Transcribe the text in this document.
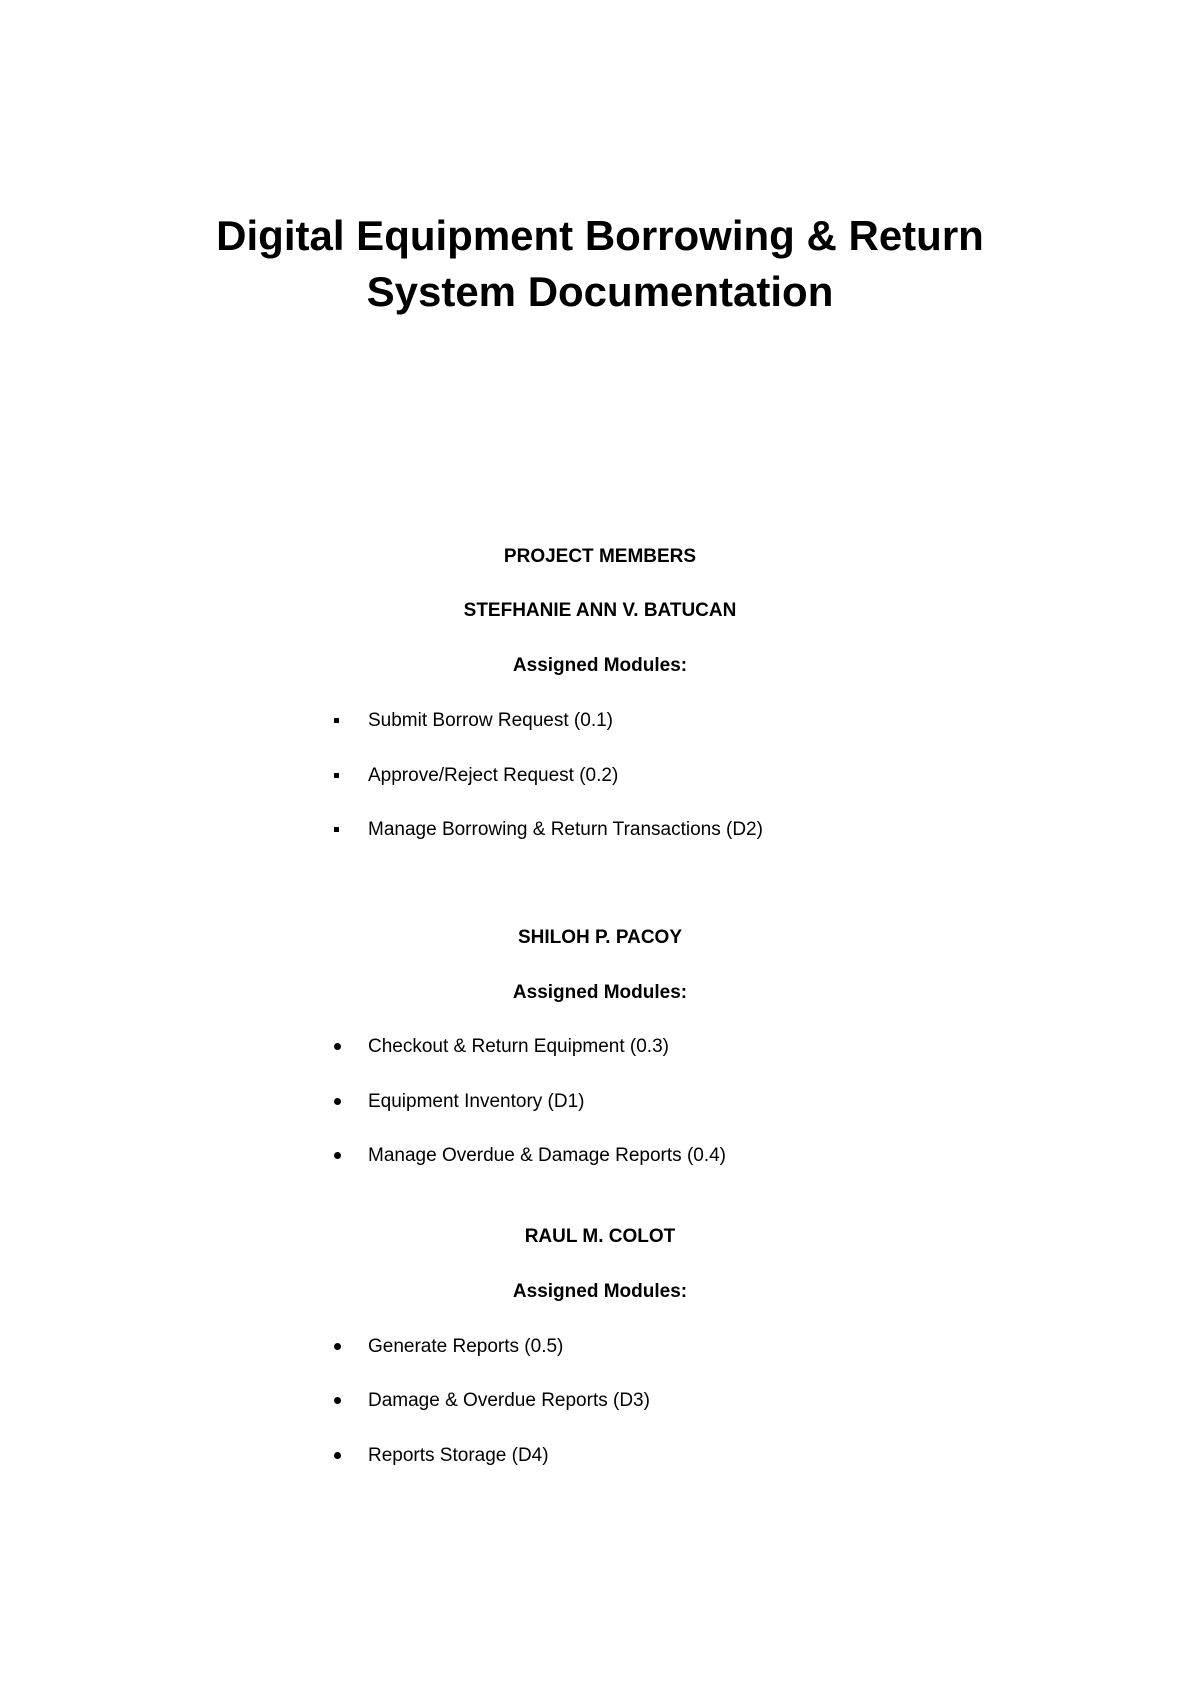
Digital Equipment Borrowing & Return
System Documentation

PROJECT MEMBERS

STEFHANIE ANN V. BATUCAN

Assigned Modules:

Submit Borrow Request (0.1)
Approve/Reject Request (0.2)
Manage Borrowing & Return Transactions (D2)

SHILOH P. PACOY

Assigned Modules:

Checkout & Return Equipment (0.3)
Equipment Inventory (D1)
Manage Overdue & Damage Reports (0.4)

RAUL M. COLOT

Assigned Modules:

Generate Reports (0.5)
Damage & Overdue Reports (D3)
Reports Storage (D4)
